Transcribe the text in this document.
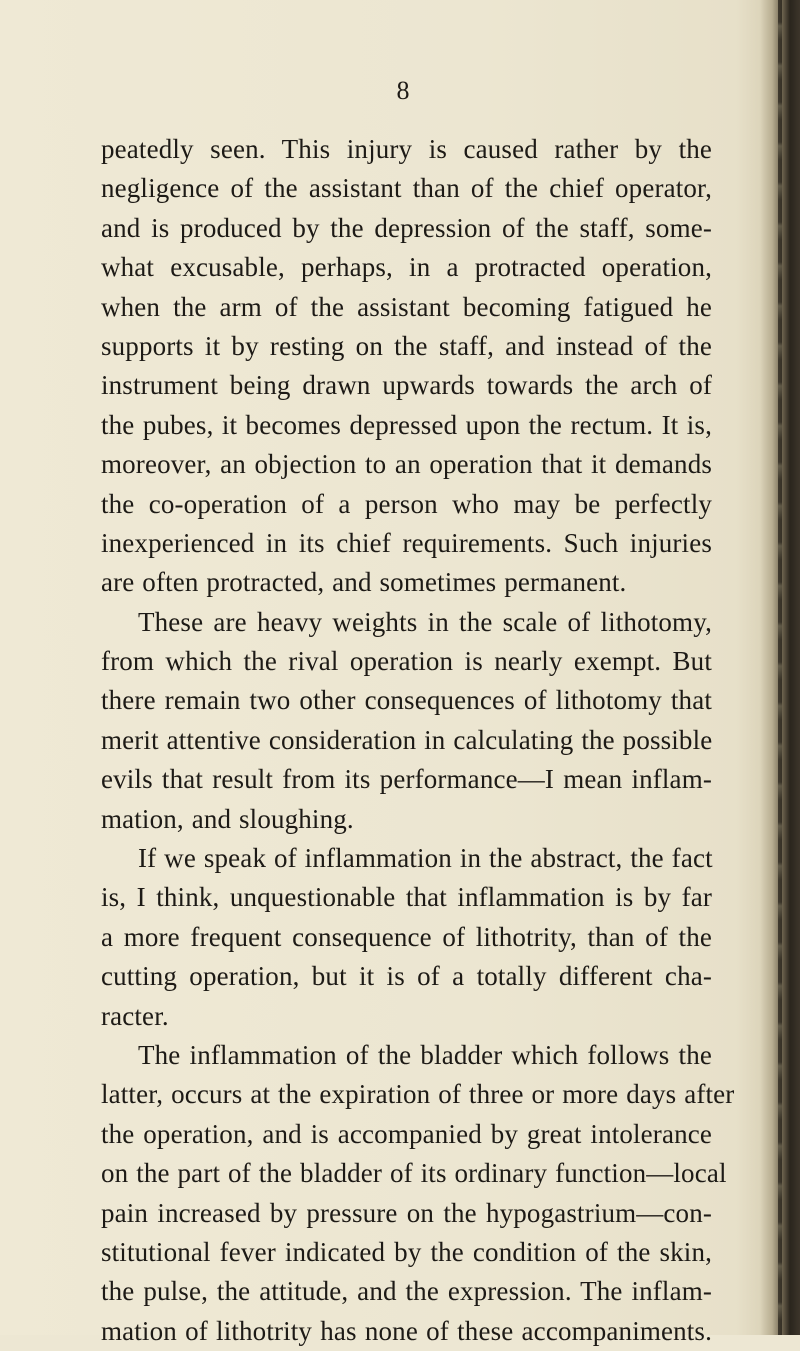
8
peatedly seen. This injury is caused rather by the
negligence of the assistant than of the chief operator,
and is produced by the depression of the staff, some-
what excusable, perhaps, in a protracted operation,
when the arm of the assistant becoming fatigued he
supports it by resting on the staff, and instead of the
instrument being drawn upwards towards the arch of
the pubes, it becomes depressed upon the rectum. It is,
moreover, an objection to an operation that it demands
the co-operation of a person who may be perfectly
inexperienced in its chief requirements. Such injuries
are often protracted, and sometimes permanent.
These are heavy weights in the scale of lithotomy,
from which the rival operation is nearly exempt. But
there remain two other consequences of lithotomy that
merit attentive consideration in calculating the possible
evils that result from its performance—I mean inflam-
mation, and sloughing.
If we speak of inflammation in the abstract, the fact
is, I think, unquestionable that inflammation is by far
a more frequent consequence of lithotrity, than of the
cutting operation, but it is of a totally different cha-
racter.
The inflammation of the bladder which follows the
latter, occurs at the expiration of three or more days after
the operation, and is accompanied by great intolerance
on the part of the bladder of its ordinary function—local
pain increased by pressure on the hypogastrium—con-
stitutional fever indicated by the condition of the skin,
the pulse, the attitude, and the expression. The inflam-
mation of lithotrity has none of these accompaniments.
